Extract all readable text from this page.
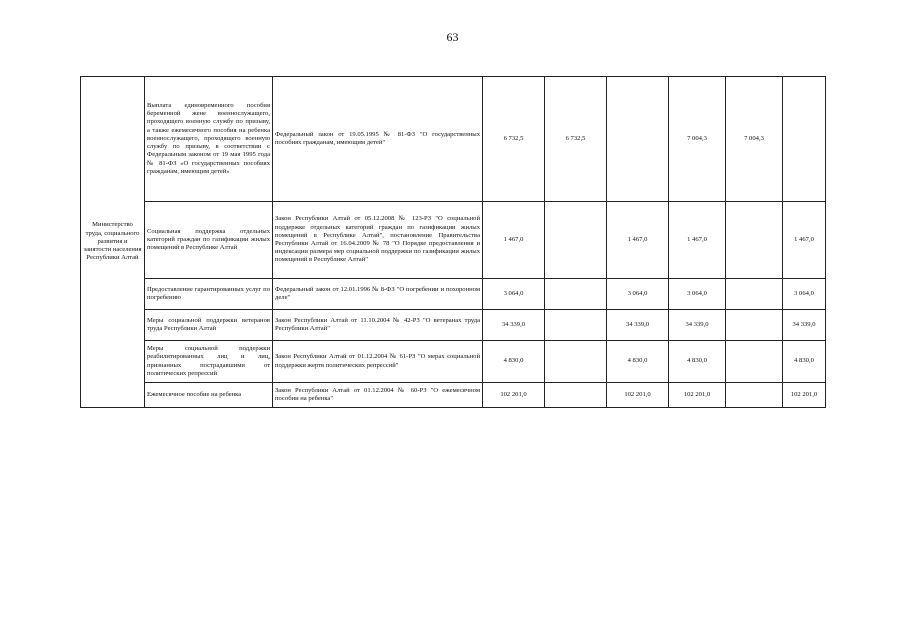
63
Министерство труда, социального развития и занятости населения Республики Алтай	Выплата единовременного пособия беременной жене военнослужащего, проходящего военную службу по призыву, а также ежемесячного пособия на ребенка военнослужащего, проходящего военную службу по призыву, в соответствии с Федеральным законом от 19 мая 1995 года № 81-ФЗ «О государственных пособиях гражданам, имеющим детей»	Федеральный закон от 19.05.1995 № 81-ФЗ "О государственных пособиях гражданам, имеющим детей"	6 732,5	6 732,5		7 004,3	7 004,3	
	Социальная поддержка отдельных категорий граждан по газификации жилых помещений в Республике Алтай	Закон Республики Алтай от 05.12.2008 № 123-РЗ "О социальной поддержке отдельных категорий граждан по газификации жилых помещений в Республике Алтай", постановление Правительства Республики Алтай от 16.04.2009 № 78 "О Порядке предоставления и индексации размера мер социальной поддержки по газификации жилых помещений в Республике Алтай"	1 467,0		1 467,0	1 467,0		1 467,0
	Предоставление гарантированных услуг по погребению	Федеральный закон от 12.01.1996 № 8-ФЗ "О погребении и похоронном деле"	3 064,0		3 064,0	3 064,0		3 064,0
	Меры социальной поддержки ветеранов труда Республики Алтай	Закон Республики Алтай от 11.10.2004 № 42-РЗ "О ветеранах труда Республики Алтай"	34 339,0		34 339,0	34 339,0		34 339,0
	Меры социальной поддержки реабилитированных лиц и лиц, признанных пострадавшими от политических репрессий	Закон Республики Алтай от 01.12.2004 № 61-РЗ "О мерах социальной поддержки жертв политических репрессий"	4 830,0		4 830,0	4 830,0		4 830,0
	Ежемесячное пособие на ребенка	Закон Республики Алтай от 01.12.2004 № 60-РЗ "О ежемесячном пособии на ребенка"	102 201,0		102 201,0	102 201,0		102 201,0
